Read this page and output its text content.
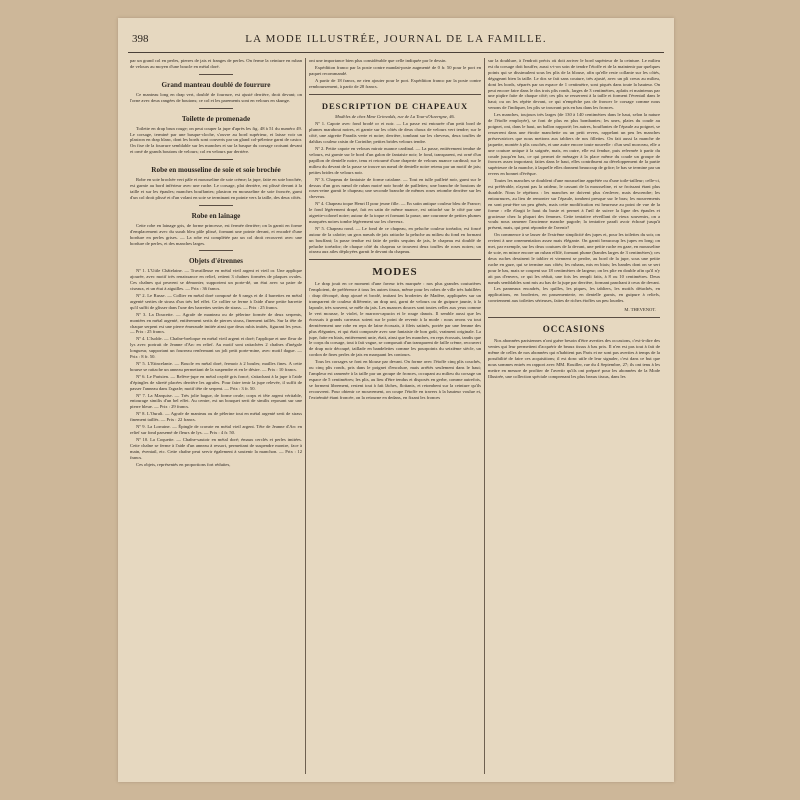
398	LA MODE ILLUSTRÉE, JOURNAL DE LA FAMILLE.

par un grand col en perles, pierres de jais et franges de perles. On ferme la ceinture en ruban de velours au moyen d'une boucle en métal doré.

Grand manteau doublé de fourrure

Ce manteau long en drap vert, doublé de fourrure, est ajusté derrière, droit devant; on l'orne avec deux rangées de boutons; ce col et les parements sont en velours en skunge.

Toilette de promenade

Toilette en drap brun rouge; on peut couper la jupe d'après les fig. 48 à 51 du numéro 49. Le corsage, terminé par une basque-cloche, s'ouvre au bord supérieur, et laisse voir un plastron en drap blanc, dont les bords sont couverts par un gland col-pèlerine garni de castor. On fixe de la fourrure semblable sur les manches et sur la basque du corsage croisant devant et orné de grands boutons de velours; col en velours par derrière.

Robe en mousseline de soie et soie brochée

Robe en soie brochée vert pâle et mousseline de soie crème; la jupe, faite en soie brochée, est garnie au bord inférieur avec une ruche. Le corsage, plat derrière, est plissé devant à la taille et sur les épaules; manches bouffantes; plastron en mousseline de soie froncée, garni d'un col droit plissé et d'un volant en soie se terminant en pointe vers la taille, des deux côtés.

Robe en lainage

Cette robe en lainage gris, de forme princesse, est fermée derrière; on la garnit en forme d'emplacement avec du surah bleu pâle plissé, formant une pointe devant, et encadré d'une bordure en perles grises. — La robe est complétée par un col droit recouvert avec une bordure de perles, et des manches larges.

Objets d'étrennes

Nº 1. L'Utile Châtelaine. — Travailleuse en métal vieil argent et vieil or. Une applique ajourée, avec motif très renaissance en relief, retient 3 chaînes formées de plaques ovales. Ces chaînes qui peuvent se démonter, supportent un porte-dé, un étui avec sa paire de ciseaux, et un étui à aiguilles. — Prix : 36 francs.

Nº 2. Le Russe. — Collier en métal doré composé de 6 rangs et de 4 barrettes en métal argenté serties de strass d'un très bel effet. Ce collier se ferme à l'aide d'une petite barrette qu'il suffit de glisser dans l'une des barrettes serties de strass. — Prix : 25 francs.

Nº 3. La Doucette. — Agrafe de manteau ou de pèlerine formée de deux serpents, montées en métal argenté, entièrement sertis de pierres strass, finement taillés. Sur la tête de chaque serpent est une pierre émeraude imitée ainsi que deux rubis imités, figurant les yeux. — Prix : 25 francs.

Nº 4. L'Isolde. — Chaîne-breloque en métal vieil argent et doré; l'applique et une fleur de lys avec portrait de Jeanne d'Arc en relief. Au motif sont rattachées 2 chaînes d'inégale longueur, supportant un fourreau renfermant un joli petit porte-mine, avec motif dague. — Prix : 8 fr. 50.

Nº 5. L'Etincelante. — Boucle en métal doré, fermoir à 2 boules; mailles fines. A cette bourse se rattache un anneau permettant de la suspendre et en le désire. — Prix : 10 francs.

Nº 6. Le Parisien. — Relève-jupe en métal oxydé gris foncé, s'attachant à la jupe à l'aide d'épingles de sûreté placées derrière les agrafes. Pour faire tenir la jupe relevée, il suffit de passer l'anneau dans l'agrafe; motif tête de serpent. — Prix : 3 fr. 50.

Nº 7. La Marquise. — Très jolie bague, de forme ovale; corps et tête argent véritable, entourage similis d'un bel effet. Au centre, est un bouquet serti de similis reposant sur une pierre bleue. — Prix : 29 francs.

Nº 8. L'Ourali. — Agrafe de manteau ou de pèlerine tout en métal argenté serti de strass finement taillés. — Prix : 22 francs.

Nº 9. La Lorraine. — Épingle de cravate en métal vieil argent. Tête de Jeanne d'Arc en relief sur fond parsemé de fleurs de lys. — Prix : 4 fr. 50.

Nº 10. La Coquette. — Chaîne-sautoir en métal doré; émaux cerclés et perles imitées. Cette chaîne se ferme à l'aide d'un anneau à ressort, permettant de suspendre montre, face à main, éventail, etc. Cette chaîne peut servir également à soutenir la manchon. — Prix : 12 francs.

Ces objets, représentés en proportions fort réduites,

ont une importance bien plus considérable que celle indiquée par le dessin.

Expédition franco par la poste contre mandat-poste augmenté de 0 fr. 50 pour le port en paquet recommandé.

A partir de 18 francs, ne rien ajouter pour le port. Expédition franco par la poste contre remboursement, à partir de 28 francs.

DESCRIPTION DE CHAPEAUX
Modèles de chez Mme Grinvalds, rue de La Tour-d'Auvergne, 46.

Nº 1. Capote avec fond brodé or et noir. — La passe est entourée d'un petit bord de plumes marabout noires, et garnie sur les côtés de deux choux de velours vert tendre; sur le côté, une aigrette Paradis verte et noire; derrière, tombant sur les cheveux, deux touffes de dahlias couleur raisin de Corinthe; petites brides velours tendre.

Nº 2. Petite capote en velours miroir nuance cardinal. — La passe, entièrement tendue de velours, est garnie sur le bord d'un galon de fantaisie noir; le fond, transparent, est orné d'un papillon de dentelle noire, tenu et retourné d'une draperie de velours nuance cardinal; sur le milieu du devant de la passe se trouve un nœud de dentelle noire retenu par un motif de jais; petites brides de velours noir.

Nº 3. Chapeau de fantaisie de forme catalane. — Tout en tulle pailleté noir, garni sur le dessus d'un gros nœud de ruban moiré noir brodé de paillettes; une branche de boutons de roses-reine garnit le chapeau; une seconde branche de mêmes roses retombe derrière sur les cheveux.

Nº 4. Chapeau toque Henri II pour jeune fille. — En satin antique couleur bleu de France; le fond légèrement drapé, fait en satin de même nuance, est rattaché sur le côté par une aigrette-colonel noire; autour de la toque et formant la passe, une couronne de petites plumes marquées noires tombe légèrement sur les cheveux.

Nº 5. Chapeau rond. — Le fond de ce chapeau, en peluche couleur toréador, est foncé autour de la calotte; un gros nœuds de jais rattache la peluche au milieu du fond en formant un bouffant; la passe tendue est faite de petits sequins de jais, le chapeau est doublé de peluche toréador; de chaque côté du chapeau se trouvent deux touffes de roses noires; un oiseau aux ailes déployées garnit le devant du chapeau.

MODES

Le drap jouit en ce moment d'une faveur très marquée : nos plus grandes couturières l'emploient, de préférence à tous les autres tissus, même pour les robes de ville très habillées : drap découpé, drap ajouré et brodé, imitant les broderies de Madère, appliquées sur un transparent de couleur différente, un drap uni, garni de velours ou de guipure jaunie, à la lapoule, très souvent, se mêle du jais. Les nuances douces sont toutes celles aux yeux comme le vert mousse, le violet, le marron-capucin et le rouge danois. Il semble aussi que les écossais à grands carreaux soient sur le point de revenir à la mode : nous avons vu tout dernièrement une robe en reps de laine écossais, à filets satinés, portée par une femme des plus élégantes, et qui était composée avec une fantaisie de bon goût, vraiment originale. La jupe, faite en biais, entièrement unie, était, ainsi que les manches, en reps écossais, tandis que le corps du corsage, tout à fait vague, se composait d'un transparent de faille crème, recouvert de drap noir découpé, taillade en bandelettes comme les pourpoints du seizième siècle, un cordon de fines perles de jais en marquant les contours.

Tous les corsages se font en blouse par devant. On forme avec l'étoffe cinq plis couchés, ou cinq plis ronds, pris dans le poignet d'encolure, mais arrêtés seulement dans le haut; l'ampleur est ramenée à la taille par un groupe de fronces, occupant au milieu du corsage un espace de 5 centimètres; les plis, au lieu d'être tendus et disposés en gerbe, comme autrefois, se forment librement, restent tout à fait lâches, flottants, et retombent sur la ceinture qu'ils recouvrent. Pour obtenir ce mouvement, on coupe l'étoffe en travers à la hauteur voulue et, l'extrémité étant froncée, on la retourne en dedans, en fixant les fronces

sur la doublure, à l'endroit précis où doit arriver le bord supérieur de la ceinture. Le milieu est du corsage doit bouffer, aussi s-t-on soin de tendre l'étoffe et de la maintenir par quelques points qui se dissimulent sous les plis de la blouse, afin qu'elle reste collante sur les côtés, dégageant bien la taille. Le dos se fait sans couture, très ajusté, avec un pli creux au milieu, dont les bords, séparés par un espace de 1 centimètre, sont piqués dans toute la hauteur. On peut encore faire dans le dos trois plis ronds, larges de 3 centimètres, aplatis et maintenus par une piqûre faite de chaque côté; ces plis se resserrent à la taille et forment l'éventail dans le haut; ou on les répète devant, ce qui n'empêche pas de froncer le corsage comme nous venons de l'indiquer, les plis se trouvant pris en bas dans les fronces.

Les manches, toujours très larges (de 130 à 140 centimètres dans le haut, selon la nature de l'étoffe employée), se font de plus en plus bombantes; les unes, plates du coude au poignet, ont, dans le haut, un ballon rapporté; les autres, bouffantes de l'épaule au poignet, se resserrent dans une étroite manchette ou un petit revers, rappelant un peu les manches préservatrices que nous mettons aux tabliers de nos fillettes. On fait aussi la manche de jaquette, montée à plis couchés, et une autre encore toute nouvelle : d'un seul morceau, elle a une couture unique à la saignée, mais, en outre, elle est fendue, puis refermée à partir du coude jusqu'en bas, ce qui permet de ménager à la place même du coude un groupe de fronces assez important; faites dans le haut, elles contribuent au développement de la partie supérieure de la manche, à laquelle elles donnent beaucoup de grâce; le bas se termine par un revers en bonnet d'évêque.

Toutes les manches se doublent d'une mousseline apprêtée ou d'une toile-tailleur; celle-ci, est préférable, n'ayant pas la raideur, le cassant de la mousseline, et se froissant étant plus durable. Nous le répétons : les manches ne doivent plus s'enlever, mais descendre; les entournures, au lieu de remonter sur l'épaule, tombent presque sur le bras; les mouvements en sont peut-être un peu gênés, mais cette modification est heureuse au point de vue de la forme : elle élargit le haut du buste et permet à l'œil de suivre la ligne des épaules et gracieuse chez la plupart des femmes. Cette tentative réveillant de vieux souvenirs, on a voulu nous ramener l'ancienne manche pagode; la tentative paraît avoir échoué jusqu'à présent, mais, qui peut répondre de l'avenir?

On commence à se lasser de l'extrême simplicité des jupes et, pour les toilettes du soir, on revient à une ornementation assez mais élégante. On garnit beaucoup les jupes en long; on met, par exemple, sur les deux coutures de la devant, une petite ruche en gaze, en mousseline de soie, en mince encore un ruban effilé, formant plume (bandes larges de 3 centimètres); ces deux ruches dessinent le tablier et viennent se perdre, au bord de la jupe, sous une petite ruche en gaze, qui se termine aux côtés; les rubans, mis en biais; les bandes dont on se sert pour le bas, mais se coupent sur 18 centimètres de largeur; on les plie en double afin qu'il n'y ait pas d'envers, ce qui les réduit, une fois les rempli faits, à 8 ou 10 centimètres. Deux nœuds semblables sont mis au bas de la jupe par derrière, formant panchant à ceux de devant.

Les panneaux encadrés, les quilles, les piques, les tabliers, les motifs détachés, en applications, en broderies, en passementerie, en dentelle garnis, en guipure à reliefs, conviennent aux toilettes sérieuses, faites de riches étoffes un peu lourdes.

M. THEVENOT.
OCCASIONS

Nos abonnées parisiennes n'ont guère besoin d'être averties des occasions, c'est-à-dire des ventes qui leur permettent d'acquérir de beaux tissus à bas prix. Il n'en est pas tout à fait de même de celles de nos abonnées qui n'habitent pas Paris et ne sont pas averties à temps de la possibilité de faire ces acquisitions; il est donc utile de leur signaler, c'est dans ce but que nous sommes entrés en rapport avec MM. Rouiller, rue du 4 Septembre, 27; ils ont tenu à les mettre en mesure de profiter de l'avertir qu'ils ont préparé pour les abonnées de la Mode Illustrée, une collection spéciale comprenant les plus beaux tissus, dans les
